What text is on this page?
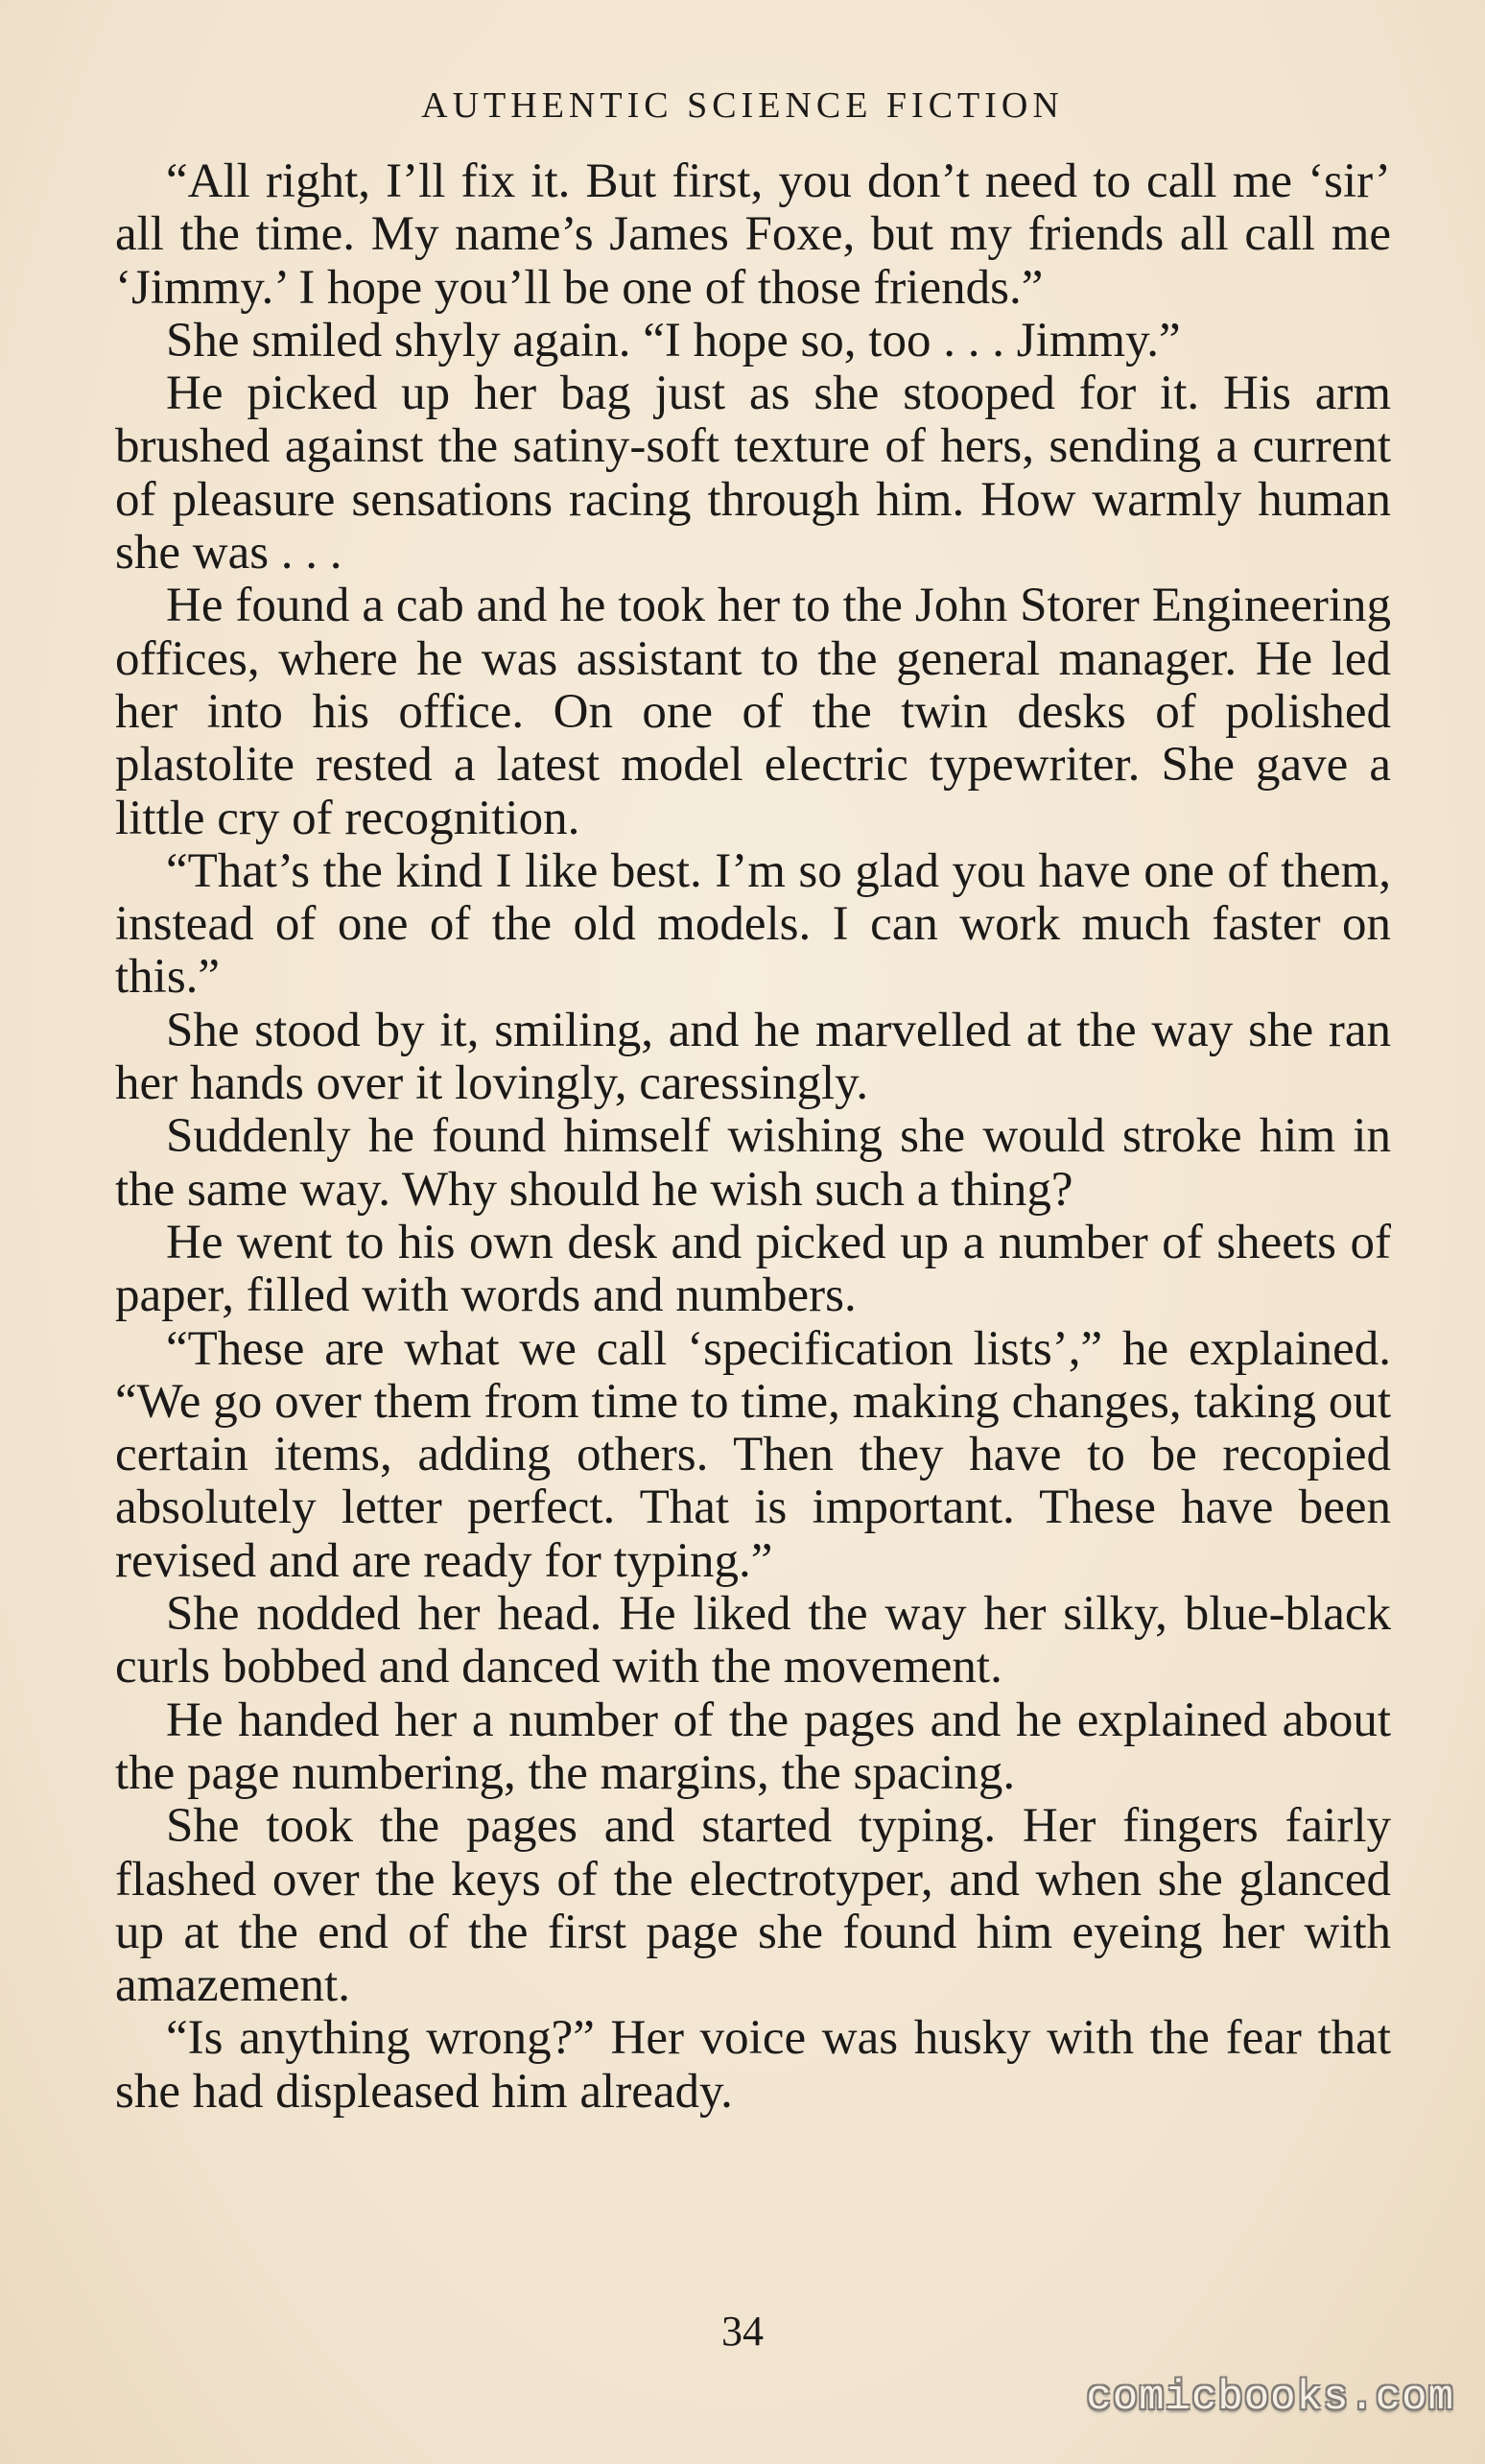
AUTHENTIC SCIENCE FICTION

“All right, I’ll fix it. But first, you don’t need to call me ‘sir’ all the time. My name’s James Foxe, but my friends all call me ‘Jimmy.’ I hope you’ll be one of those friends.”

She smiled shyly again. “I hope so, too . . . Jimmy.”

He picked up her bag just as she stooped for it. His arm brushed against the satiny-soft texture of hers, sending a current of pleasure sensations racing through him. How warmly human she was . . .

He found a cab and he took her to the John Storer Engineering offices, where he was assistant to the general manager. He led her into his office. On one of the twin desks of polished plastolite rested a latest model electric typewriter. She gave a little cry of recognition.

“That’s the kind I like best. I’m so glad you have one of them, instead of one of the old models. I can work much faster on this.”

She stood by it, smiling, and he marvelled at the way she ran her hands over it lovingly, caressingly.

Suddenly he found himself wishing she would stroke him in the same way. Why should he wish such a thing?

He went to his own desk and picked up a number of sheets of paper, filled with words and numbers.

“These are what we call ‘specification lists’,” he explained. “We go over them from time to time, making changes, taking out certain items, adding others. Then they have to be recopied absolutely letter perfect. That is important. These have been revised and are ready for typing.”

She nodded her head. He liked the way her silky, blue-black curls bobbed and danced with the movement.

He handed her a number of the pages and he explained about the page numbering, the margins, the spacing.

She took the pages and started typing. Her fingers fairly flashed over the keys of the electrotyper, and when she glanced up at the end of the first page she found him eyeing her with amazement.

“Is anything wrong?” Her voice was husky with the fear that she had displeased him already.

34
comicbooks.com
